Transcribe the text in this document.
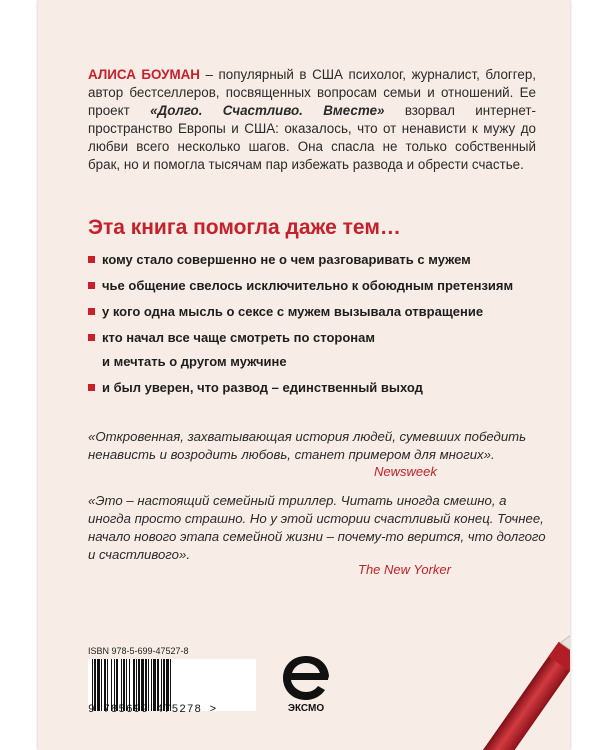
АЛИСА БОУМАН – популярный в США психолог, журналист, блоггер, автор бестселлеров, посвященных вопросам семьи и отношений. Ее проект «Долго. Счастливо. Вместе» взорвал интернет-пространство Европы и США: оказалось, что от ненависти к мужу до любви всего несколько шагов. Она спасла не только собственный брак, но и помогла тысячам пар избежать развода и обрести счастье.
Эта книга помогла даже тем…
кому стало совершенно не о чем разговаривать с мужем
чье общение свелось исключительно к обоюдным претензиям
у кого одна мысль о сексе с мужем вызывала отвращение
кто начал все чаще смотреть по сторонам
и мечтать о другом мужчине
и был уверен, что развод – единственный выход
«Откровенная, захватывающая история людей, сумевших победить ненависть и возродить любовь, станет примером для многих».
Newsweek
«Это – настоящий семейный триллер. Читать иногда смешно, а иногда просто страшно. Но у этой истории счастливый конец. Точнее, начало нового этапа семейной жизни – почему-то верится, что долгого и счастливого».
The New Yorker
ISBN 978-5-699-47527-8
9 785699 475278 >	ЭКСМО
